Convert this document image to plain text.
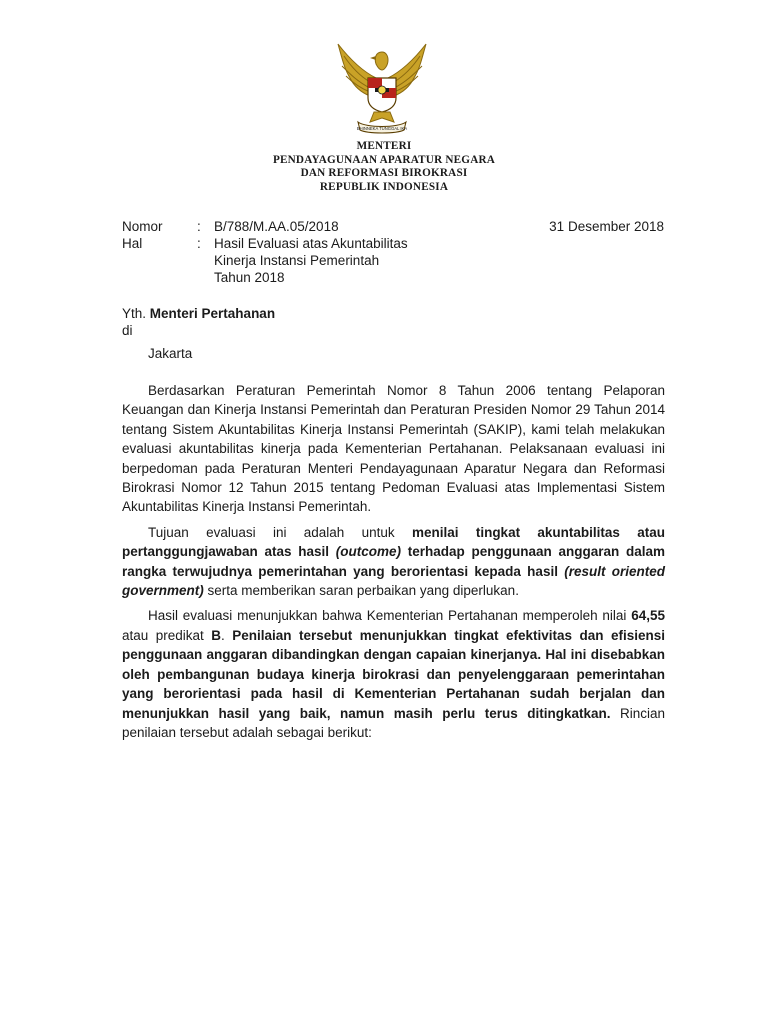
BHINNEKA TUNGGAL IKA
MENTERI
PENDAYAGUNAAN APARATUR NEGARA
DAN REFORMASI BIROKRASI
REPUBLIK INDONESIA
Nomor	: B/788/M.AA.05/2018	31 Desember 2018
Hal	: Hasil Evaluasi atas Akuntabilitas
Kinerja Instansi Pemerintah
Tahun 2018
Yth. Menteri Pertahanan
di
Jakarta

Berdasarkan Peraturan Pemerintah Nomor 8 Tahun 2006 tentang Pelaporan Keuangan dan Kinerja Instansi Pemerintah dan Peraturan Presiden Nomor 29 Tahun 2014 tentang Sistem Akuntabilitas Kinerja Instansi Pemerintah (SAKIP), kami telah melakukan evaluasi akuntabilitas kinerja pada Kementerian Pertahanan. Pelaksanaan evaluasi ini berpedoman pada Peraturan Menteri Pendayagunaan Aparatur Negara dan Reformasi Birokrasi Nomor 12 Tahun 2015 tentang Pedoman Evaluasi atas Implementasi Sistem Akuntabilitas Kinerja Instansi Pemerintah.

Tujuan evaluasi ini adalah untuk menilai tingkat akuntabilitas atau pertanggungjawaban atas hasil (outcome) terhadap penggunaan anggaran dalam rangka terwujudnya pemerintahan yang berorientasi kepada hasil (result oriented government) serta memberikan saran perbaikan yang diperlukan.

Hasil evaluasi menunjukkan bahwa Kementerian Pertahanan memperoleh nilai 64,55 atau predikat B. Penilaian tersebut menunjukkan tingkat efektivitas dan efisiensi penggunaan anggaran dibandingkan dengan capaian kinerjanya. Hal ini disebabkan oleh pembangunan budaya kinerja birokrasi dan penyelenggaraan pemerintahan yang berorientasi pada hasil di Kementerian Pertahanan sudah berjalan dan menunjukkan hasil yang baik, namun masih perlu terus ditingkatkan. Rincian penilaian tersebut adalah sebagai berikut:
